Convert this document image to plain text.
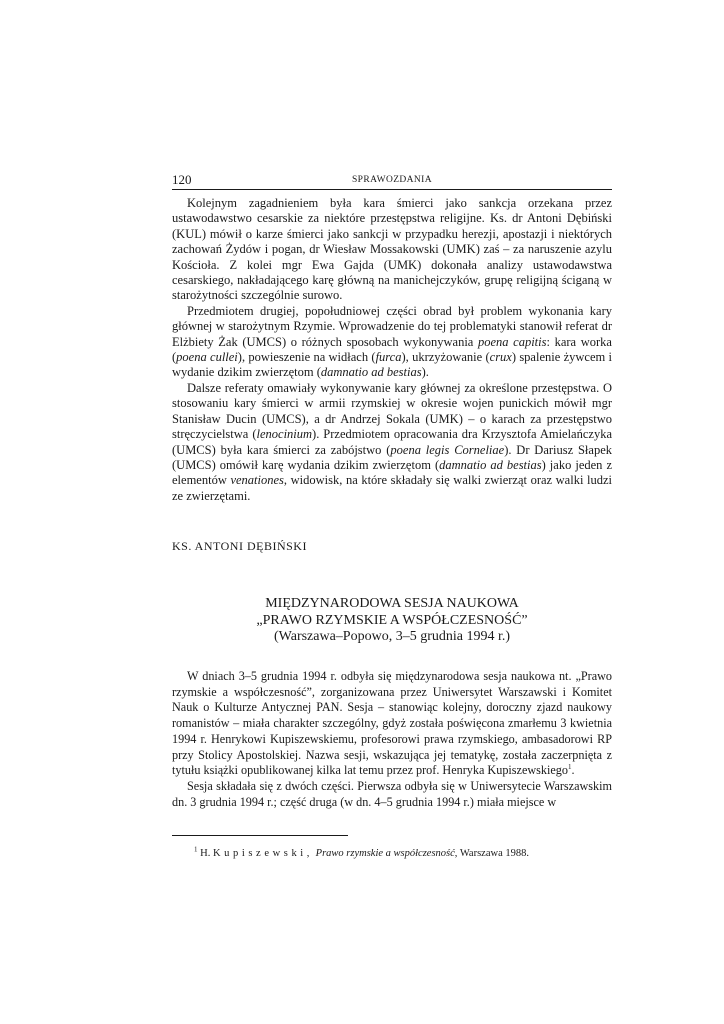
120	SPRAWOZDANIA

Kolejnym zagadnieniem była kara śmierci jako sankcja orzekana przez ustawodawstwo cesarskie za niektóre przestępstwa religijne. Ks. dr Antoni Dębiński (KUL) mówił o karze śmierci jako sankcji w przypadku herezji, apostazji i niektórych zachowań Żydów i pogan, dr Wiesław Mossakowski (UMK) zaś – za naruszenie azylu Kościoła. Z kolei mgr Ewa Gajda (UMK) dokonała analizy ustawodawstwa cesarskiego, nakładającego karę główną na manichejczyków, grupę religijną ściganą w starożytności szczególnie surowo.

Przedmiotem drugiej, popołudniowej części obrad był problem wykonania kary głównej w starożytnym Rzymie. Wprowadzenie do tej problematyki stanowił referat dr Elżbiety Żak (UMCS) o różnych sposobach wykonywania poena capitis: kara worka (poena cullei), powieszenie na widłach (furca), ukrzyżowanie (crux) spalenie żywcem i wydanie dzikim zwierzętom (damnatio ad bestias).

Dalsze referaty omawiały wykonywanie kary głównej za określone przestępstwa. O stosowaniu kary śmierci w armii rzymskiej w okresie wojen punickich mówił mgr Stanisław Ducin (UMCS), a dr Andrzej Sokala (UMK) – o karach za przestępstwo stręczycielstwa (lenocinium). Przedmiotem opracowania dra Krzysztofa Amielańczyka (UMCS) była kara śmierci za zabójstwo (poena legis Corneliae). Dr Dariusz Słapek (UMCS) omówił karę wydania dzikim zwierzętom (damnatio ad bestias) jako jeden z elementów venationes, widowisk, na które składały się walki zwierząt oraz walki ludzi ze zwierzętami.

KS. ANTONI DĘBIŃSKI
MIĘDZYNARODOWA SESJA NAUKOWA
„PRAWO RZYMSKIE A WSPÓŁCZESNOŚĆ”
(Warszawa–Popowo, 3–5 grudnia 1994 r.)

W dniach 3–5 grudnia 1994 r. odbyła się międzynarodowa sesja naukowa nt. „Prawo rzymskie a współczesność”, zorganizowana przez Uniwersytet Warszawski i Komitet Nauk o Kulturze Antycznej PAN. Sesja – stanowiąc kolejny, doroczny zjazd naukowy romanistów – miała charakter szczególny, gdyż została poświęcona zmarłemu 3 kwietnia 1994 r. Henrykowi Kupiszewskiemu, profesorowi prawa rzymskiego, ambasadorowi RP przy Stolicy Apostolskiej. Nazwa sesji, wskazująca jej tematykę, została zaczerpnięta z tytułu książki opublikowanej kilka lat temu przez prof. Henryka Kupiszewskiego$^1$.

Sesja składała się z dwóch części. Pierwsza odbyła się w Uniwersytecie Warszawskim dn. 3 grudnia 1994 r.; część druga (w dn. 4–5 grudnia 1994 r.) miała miejsce w

$^1$ H. Kupiszewski, Prawo rzymskie a współczesność, Warszawa 1988.
